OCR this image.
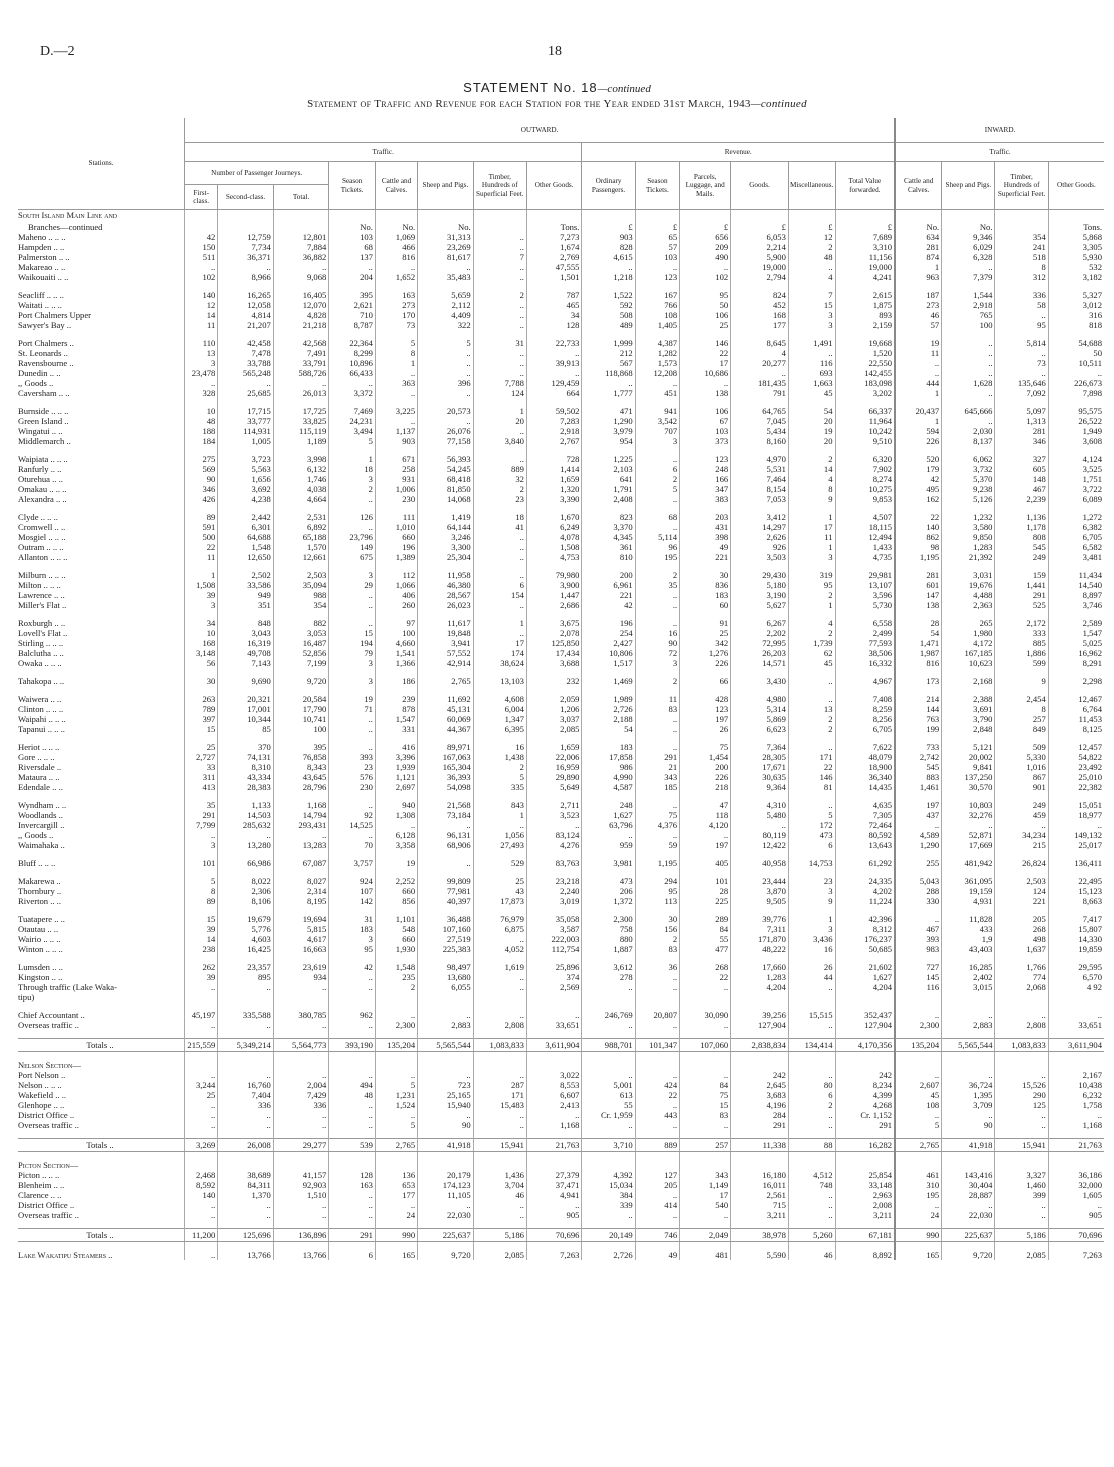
D.—2	18
STATEMENT No. 18—continued
Statement of Traffic and Revenue for each Station for the Year ended 31st March, 1943—continued
Stations.	OUTWARD.														INWARD.			
	Traffic.								Revenue.						Traffic.			
	Number of Passenger Journeys.			Season Tickets.	Cattle and Calves.	Sheep and Pigs.	Timber, Hundreds of Superficial Feet.	Other Goods.	Ordinary Passengers.	Season Tickets.	Parcels, Luggage, and Mails.	Goods.	Miscellaneous.	Total Value forwarded.	Cattle and Calves.	Sheep and Pigs.	Timber, Hundreds of Superficial Feet.	Other Goods.
	First-class.	Second-class.	Total.															
South Island Main Line and																		
Branches—continued				No.	No.	No.		Tons.	£	£	£	£	£	£	No.	No.		Tons.
Maheno .. .. ..	42	12,759	12,801	103	1,069	31,313	..	7,273	903	65	656	6,053	12	7,689	634	9,346	354	5,868
Hampden .. ..	150	7,734	7,884	68	466	23,269	..	1,674	828	57	209	2,214	2	3,310	281	6,029	241	3,305
Palmerston .. ..	511	36,371	36,882	137	816	81,617	7	2,769	4,615	103	490	5,900	48	11,156	874	6,328	518	5,930
Makareao .. ..	..	..	..	..	..	..	..	47,555	..	..	..	19,000	..	19,000	1	..	8	532
Waikouaiti .. ..	102	8,966	9,068	204	1,652	35,483	..	1,501	1,218	123	102	2,794	4	4,241	963	7,379	312	3,182

Seacliff .. .. ..	140	16,265	16,405	395	163	5,659	2	787	1,522	167	95	824	7	2,615	187	1,544	336	5,327
Waitati .. .. ..	12	12,058	12,070	2,621	273	2,112	..	465	592	766	50	452	15	1,875	273	2,918	58	3,012
Port Chalmers Upper	14	4,814	4,828	710	170	4,409	..	34	508	108	106	168	3	893	46	765	..	316
Sawyer's Bay ..	11	21,207	21,218	8,787	73	322	..	128	489	1,405	25	177	3	2,159	57	100	95	818

Port Chalmers ..	110	42,458	42,568	22,364	5	5	31	22,733	1,999	4,387	146	8,645	1,491	19,668	19	..	5,814	54,688
St. Leonards ..	13	7,478	7,491	8,299	8	..	..	..	212	1,282	22	4	..	1,520	11	..	..	50
Ravensbourne ..	3	33,788	33,791	10,896	1	..	..	39,913	567	1,573	17	20,277	116	22,550	..	..	73	10,511
Dunedin .. ..	23,478	565,248	588,726	66,433	..	..	..	..	118,868	12,208	10,686	..	693	142,455	..	..	..	..
,, Goods ..	..	..	..	..	363	396	7,788	129,459	..	..	..	181,435	1,663	183,098	444	1,628	135,646	226,673
Caversham .. ..	328	25,685	26,013	3,372	..	..	124	664	1,777	451	138	791	45	3,202	1	..	7,092	7,898

Burnside .. .. ..	10	17,715	17,725	7,469	3,225	20,573	1	59,502	471	941	106	64,765	54	66,337	20,437	645,666	5,097	95,575
Green Island ..	48	33,777	33,825	24,231	..	..	20	7,283	1,290	3,542	67	7,045	20	11,964	1	..	1,313	26,522
Wingatui .. ..	188	114,931	115,119	3,494	1,137	26,076	..	2,918	3,979	707	103	5,434	19	10,242	594	2,030	281	1,949
Middlemarch ..	184	1,005	1,189	5	903	77,158	3,840	2,767	954	3	373	8,160	20	9,510	226	8,137	346	3,608

Waipiata .. .. ..	275	3,723	3,998	1	671	56,393	..	728	1,225	..	123	4,970	2	6,320	520	6,062	327	4,124
Ranfurly .. ..	569	5,563	6,132	18	258	54,245	889	1,414	2,103	6	248	5,531	14	7,902	179	3,732	605	3,525
Oturehua .. ..	90	1,656	1,746	3	931	68,418	32	1,659	641	2	166	7,464	4	8,274	42	5,370	148	1,751
Omakau .. .. ..	346	3,692	4,038	2	1,006	81,850	2	1,320	1,791	5	347	8,154	8	10,275	495	9,238	467	3,722
Alexandra .. ..	426	4,238	4,664	..	230	14,068	23	3,390	2,408	..	383	7,053	9	9,853	162	5,126	2,239	6,089

Clyde .. .. ..	89	2,442	2,531	126	111	1,419	18	1,670	823	68	203	3,412	1	4,507	22	1,232	1,136	1,272
Cromwell .. ..	591	6,301	6,892	..	1,010	64,144	41	6,249	3,370	..	431	14,297	17	18,115	140	3,580	1,178	6,382
Mosgiel .. .. ..	500	64,688	65,188	23,796	660	3,246	..	4,078	4,345	5,114	398	2,626	11	12,494	862	9,850	808	6,705
Outram .. .. ..	22	1,548	1,570	149	196	3,300	..	1,508	361	96	49	926	1	1,433	98	1,283	545	6,582
Allanton .. .. ..	11	12,650	12,661	675	1,389	25,304	..	4,753	810	195	221	3,503	3	4,735	1,195	21,392	249	3,481

Milburn .. .. ..	1	2,502	2,503	3	112	11,958	..	79,980	200	2	30	29,430	319	29,981	281	3,031	159	11,434
Milton .. .. ..	1,508	33,586	35,094	29	1,066	46,380	6	3,900	6,961	35	836	5,180	95	13,107	601	19,676	1,441	14,540
Lawrence .. ..	39	949	988	..	406	28,567	154	1,447	221	..	183	3,190	2	3,596	147	4,488	291	8,897
Miller's Flat ..	3	351	354	..	260	26,023	..	2,686	42	..	60	5,627	1	5,730	138	2,363	525	3,746

Roxburgh .. ..	34	848	882	..	97	11,617	1	3,675	196	..	91	6,267	4	6,558	28	265	2,172	2,589
Lovell's Flat ..	10	3,043	3,053	15	100	19,848	..	2,078	254	16	25	2,202	2	2,499	54	1,980	333	1,547
Stirling .. .. ..	168	16,319	16,487	194	4,660	3,941	17	125,850	2,427	90	342	72,995	1,739	77,593	1,471	4,172	885	5,025
Balclutha .. ..	3,148	49,708	52,856	79	1,541	57,552	174	17,434	10,806	72	1,276	26,203	62	38,506	1,987	167,185	1,886	16,962
Owaka .. .. ..	56	7,143	7,199	3	1,366	42,914	38,624	3,688	1,517	3	226	14,571	45	16,332	816	10,623	599	8,291

Tahakopa .. ..	30	9,690	9,720	3	186	2,765	13,103	232	1,469	2	66	3,430	..	4,967	173	2,168	9	2,298

Waiwera .. ..	263	20,321	20,584	19	239	11,692	4,608	2,059	1,989	11	428	4,980	..	7,408	214	2,388	2,454	12,467
Clinton .. .. ..	789	17,001	17,790	71	878	45,131	6,004	1,206	2,726	83	123	5,314	13	8,259	144	3,691	8	6,764
Waipahi .. .. ..	397	10,344	10,741	..	1,547	60,069	1,347	3,037	2,188	..	197	5,869	2	8,256	763	3,790	257	11,453
Tapanui .. .. ..	15	85	100	..	331	44,367	6,395	2,085	54	..	26	6,623	2	6,705	199	2,848	849	8,125

Heriot .. .. ..	25	370	395	..	416	89,971	16	1,659	183	..	75	7,364	..	7,622	733	5,121	509	12,457
Gore .. .. ..	2,727	74,131	76,858	393	3,396	167,063	1,438	22,006	17,858	291	1,454	28,305	171	48,079	2,742	20,002	5,330	54,822
Riversdale ..	33	8,310	8,343	23	1,939	165,304	2	16,959	986	21	200	17,671	22	18,900	545	9,841	1,016	23,492
Mataura .. ..	311	43,334	43,645	576	1,121	36,393	5	29,890	4,990	343	226	30,635	146	36,340	883	137,250	867	25,010
Edendale .. ..	413	28,383	28,796	230	2,697	54,098	335	5,649	4,587	185	218	9,364	81	14,435	1,461	30,570	901	22,382

Wyndham .. ..	35	1,133	1,168	..	940	21,568	843	2,711	248	..	47	4,310	..	4,635	197	10,803	249	15,051
Woodlands ..	291	14,503	14,794	92	1,308	73,184	1	3,523	1,627	75	118	5,480	5	7,305	437	32,276	459	18,977
Invercargill ..	7,799	285,632	293,431	14,525	..	..	..	..	63,796	4,376	4,120	..	172	72,464	..	..	..	..
,, Goods ..	..	..	..	..	6,128	96,131	1,056	83,124	..	..	..	80,119	473	80,592	4,589	52,871	34,234	149,132
Waimahaka ..	3	13,280	13,283	70	3,358	68,906	27,493	4,276	959	59	197	12,422	6	13,643	1,290	17,669	215	25,017

Bluff .. .. ..	101	66,986	67,087	3,757	19	..	529	83,763	3,981	1,195	405	40,958	14,753	61,292	255	481,942	26,824	136,411

Makarewa ..	5	8,022	8,027	924	2,252	99,809	25	23,218	473	294	101	23,444	23	24,335	5,043	361,095	2,503	22,495
Thornbury ..	8	2,306	2,314	107	660	77,981	43	2,240	206	95	28	3,870	3	4,202	288	19,159	124	15,123
Riverton .. ..	89	8,106	8,195	142	856	40,397	17,873	3,019	1,372	113	225	9,505	9	11,224	330	4,931	221	8,663

Tuatapere .. ..	15	19,679	19,694	31	1,101	36,488	76,979	35,058	2,300	30	289	39,776	1	42,396	..	11,828	205	7,417
Otautau .. ..	39	5,776	5,815	183	548	107,160	6,875	3,587	758	156	84	7,311	3	8,312	467	433	268	15,807
Wairio .. .. ..	14	4,603	4,617	3	660	27,519	..	222,003	880	2	55	171,870	3,436	176,237	393	1,9	498	14,330
Winton .. .. ..	238	16,425	16,663	95	1,930	225,383	4,052	112,754	1,887	83	477	48,222	16	50,685	983	43,403	1,637	19,859

Lumsden .. ..	262	23,357	23,619	42	1,548	98,497	1,619	25,896	3,612	36	268	17,660	26	21,602	727	16,285	1,766	29,595
Kingston .. ..	39	895	934	..	235	13,680	..	374	278	..	22	1,283	44	1,627	145	2,402	774	6,570
Through traffic (Lake Waka-	..	..	..	..	2	6,055	..	2,569	..	..	..	4,204	..	4,204	116	3,015	2,068	4 92
tipu)																		

Chief Accountant ..	45,197	335,588	380,785	962	..	..	..	..	246,769	20,807	30,090	39,256	15,515	352,437	..	..	..	..
Overseas traffic ..	..	..	..	..	2,300	2,883	2,808	33,651	..	..	..	127,904	..	127,904	2,300	2,883	2,808	33,651

Totals ..	215,559	5,349,214	5,564,773	393,190	135,204	5,565,544	1,083,833	3,611,904	988,701	101,347	107,060	2,838,834	134,414	4,170,356	135,204	5,565,544	1,083,833	3,611,904

Nelson Section—																		
Port Nelson ..	..	..	..	..	..	..	..	3,022	..	..	..	242	..	242	..	..	..	2,167
Nelson .. .. ..	3,244	16,760	2,004	494	5	723	287	8,553	5,001	424	84	2,645	80	8,234	2,607	36,724	15,526	10,438
Wakefield .. ..	25	7,404	7,429	48	1,231	25,165	171	6,607	613	22	75	3,683	6	4,399	45	1,395	290	6,232
Glenhope .. ..	..	336	336	..	1,524	15,940	15,483	2,413	55	..	15	4,196	2	4,268	108	3,709	125	1,758
District Office ..	..	..	..	..	..	..	..	..	Cr. 1,959	443	83	284	..	Cr. 1,152	..	..	..	..
Overseas traffic ..	..	..	..	..	5	90	..	1,168	..	..	..	291	..	291	5	90	..	1,168

Totals ..	3,269	26,008	29,277	539	2,765	41,918	15,941	21,763	3,710	889	257	11,338	88	16,282	2,765	41,918	15,941	21,763

Picton Section—																		
Picton .. .. ..	2,468	38,689	41,157	128	136	20,179	1,436	27,379	4,392	127	343	16,180	4,512	25,854	461	143,416	3,327	36,186
Blenheim .. ..	8,592	84,311	92,903	163	653	174,123	3,704	37,471	15,034	205	1,149	16,011	748	33,148	310	30,404	1,460	32,000
Clarence .. ..	140	1,370	1,510	..	177	11,105	46	4,941	384	..	17	2,561	..	2,963	195	28,887	399	1,605
District Office ..	..	..	..	..	..	..	..	..	339	414	540	715	..	2,008	..	..	..	..
Overseas traffic ..	..	..	..	..	24	22,030	..	905	..	..	..	3,211	..	3,211	24	22,030	..	905

Totals ..	11,200	125,696	136,896	291	990	225,637	5,186	70,696	20,149	746	2,049	38,978	5,260	67,181	990	225,637	5,186	70,696

Lake Wakatipu Steamers ..	..	13,766	13,766	6	165	9,720	2,085	7,263	2,726	49	481	5,590	46	8,892	165	9,720	2,085	7,263
